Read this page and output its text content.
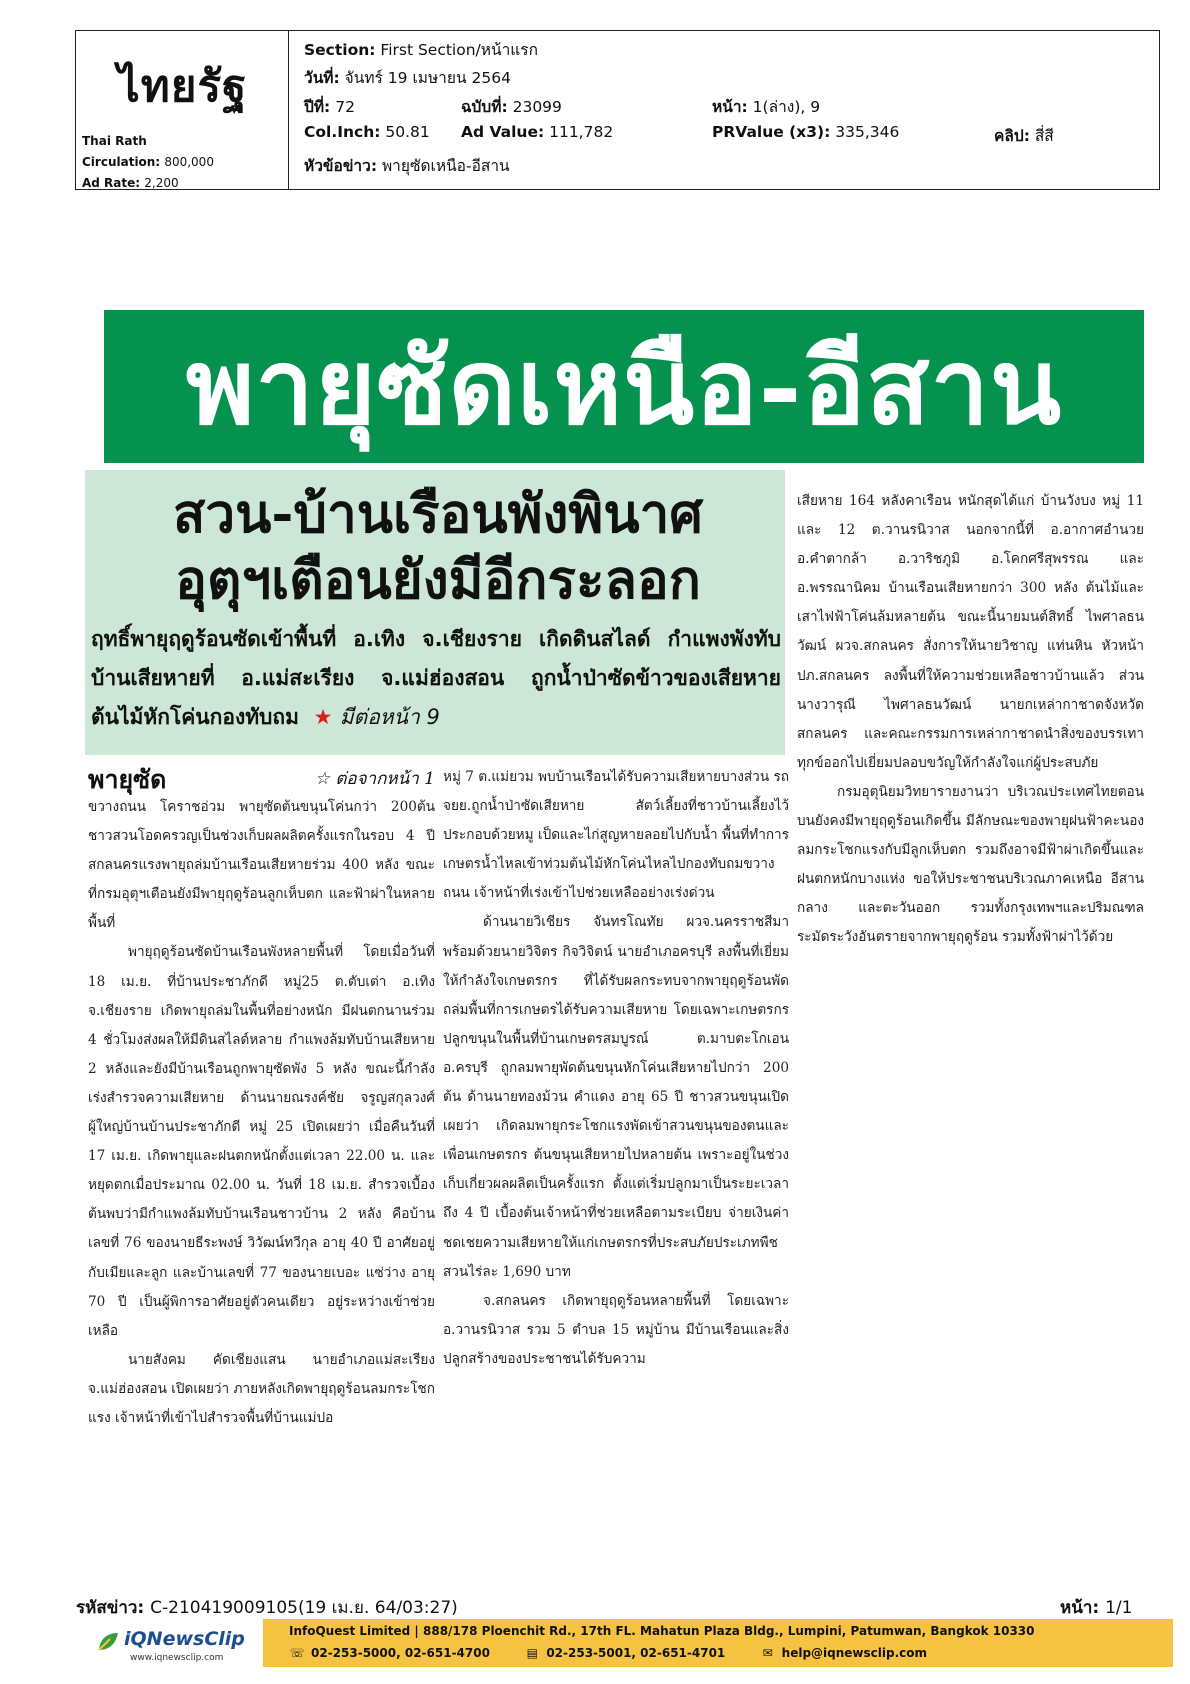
ไทยรัฐ
Thai Rath
Circulation: 800,000
Ad Rate: 2,200
Section: First Section/หน้าแรก
วันที่: จันทร์ 19 เมษายน 2564
ปีที่: 72	ฉบับที่: 23099	หน้า: 1(ล่าง), 9
Col.Inch: 50.81 Ad Value: 111,782	PRValue (x3): 335,346	คลิป: สี่สี
หัวข้อข่าว: พายุซัดเหนือ-อีสาน
พายุซัดเหนือ-อีสาน
สวน-บ้านเรือนพังพินาศ
อุตุฯเตือนยังมีอีกระลอก
ฤทธิ์พายุฤดูร้อนซัดเข้าพื้นที่ อ.เทิง จ.เชียงราย เกิดดินสไลด์ กำแพงพังทับบ้านเสียหายที่ อ.แม่สะเรียง จ.แม่ฮ่องสอน ถูกน้ำป่าซัดข้าวของเสียหาย ต้นไม้หักโค่นกองทับถม ★ มีต่อหน้า 9
พายุซัด	☆ ต่อจากหน้า 1

ขวางถนน โคราชอ่วม พายุซัดต้นขนุนโค่นกว่า 200ต้น ชาวสวนโอดครวญเป็นช่วงเก็บผลผลิตครั้งแรกในรอบ 4 ปี สกลนครแรงพายุถล่มบ้านเรือนเสียหายร่วม 400 หลัง ขณะที่กรมอุตุฯเตือนยังมีพายุฤดูร้อนลูกเห็บตก และฟ้าผ่าในหลายพื้นที่

พายุฤดูร้อนซัดบ้านเรือนพังหลายพื้นที่ โดยเมื่อวันที่ 18 เม.ย. ที่บ้านประชาภักดี หมู่25 ต.ตับเต่า อ.เทิง จ.เชียงราย เกิดพายุถล่มในพื้นที่อย่างหนัก มีฝนตกนานร่วม 4 ชั่วโมงส่งผลให้มีดินสไลด์หลาย กำแพงล้มทับบ้านเสียหาย 2 หลังและยังมีบ้านเรือนถูกพายุซัดพัง 5 หลัง ขณะนี้กำลังเร่งสำรวจความเสียหาย ด้านนายณรงค์ชัย จรูญสกุลวงศ์ผู้ใหญ่บ้านบ้านประชาภักดี หมู่ 25 เปิดเผยว่า เมื่อคืนวันที่ 17 เม.ย. เกิดพายุและฝนตกหนักตั้งแต่เวลา 22.00 น. และหยุดตกเมื่อประมาณ 02.00 น. วันที่ 18 เม.ย. สำรวจเบื้องต้นพบว่ามีกำแพงล้มทับบ้านเรือนชาวบ้าน 2 หลัง คือบ้านเลขที่ 76 ของนายธีระพงษ์ วิวัฒน์ทวีกุล อายุ 40 ปี อาศัยอยู่กับเมียและลูก และบ้านเลขที่ 77 ของนายเบอะ แซ่ว่าง อายุ 70 ปี เป็นผู้พิการอาศัยอยู่ตัวคนเดียว อยู่ระหว่างเข้าช่วยเหลือ

นายสังคม คัดเชียงแสน นายอำเภอแม่สะเรียง จ.แม่ฮ่องสอน เปิดเผยว่า ภายหลังเกิดพายุฤดูร้อนลมกระโชกแรง เจ้าหน้าที่เข้าไปสำรวจพื้นที่บ้านแม่ปอ

หมู่ 7 ต.แม่ยวม พบบ้านเรือนได้รับความเสียหายบางส่วน รถ จยย.ถูกน้ำป่าซัดเสียหาย สัตว์เลี้ยงที่ชาวบ้านเลี้ยงไว้ประกอบด้วยหมู เป็ดและไก่สูญหายลอยไปกับน้ำ พื้นที่ทำการเกษตรน้ำไหลเข้าท่วมต้นไม้หักโค่นไหลไปกองทับถมขวางถนน เจ้าหน้าที่เร่งเข้าไปช่วยเหลืออย่างเร่งด่วน

ด้านนายวิเชียร จันทรโณทัย ผวจ.นครราชสีมา พร้อมด้วยนายวิจิตร กิจวิจิตน์ นายอำเภอครบุรี ลงพื้นที่เยี่ยมให้กำลังใจเกษตรกร ที่ได้รับผลกระทบจากพายุฤดูร้อนพัดถล่มพื้นที่การเกษตรได้รับความเสียหาย โดยเฉพาะเกษตรกรปลูกขนุนในพื้นที่บ้านเกษตรสมบูรณ์ ต.มาบตะโกเอน อ.ครบุรี ถูกลมพายุพัดต้นขนุนหักโค่นเสียหายไปกว่า 200 ต้น ด้านนายทองม้วน คำแดง อายุ 65 ปี ชาวสวนขนุนเปิดเผยว่า เกิดลมพายุกระโชกแรงพัดเข้าสวนขนุนของตนและเพื่อนเกษตรกร ต้นขนุนเสียหายไปหลายต้น เพราะอยู่ในช่วงเก็บเกี่ยวผลผลิตเป็นครั้งแรก ตั้งแต่เริ่มปลูกมาเป็นระยะเวลาถึง 4 ปี เบื้องต้นเจ้าหน้าที่ช่วยเหลือตามระเบียบ จ่ายเงินค่าชดเชยความเสียหายให้แก่เกษตรกรที่ประสบภัยประเภทพืชสวนไร่ละ 1,690 บาท

จ.สกลนคร เกิดพายุฤดูร้อนหลายพื้นที่ โดยเฉพาะ อ.วานรนิวาส รวม 5 ตำบล 15 หมู่บ้าน มีบ้านเรือนและสิ่งปลูกสร้างของประชาชนได้รับความ

เสียหาย 164 หลังคาเรือน หนักสุดได้แก่ บ้านวังบง หมู่ 11 และ 12 ต.วานรนิวาส นอกจากนี้ที่ อ.อากาศอำนวย อ.คำตากล้า อ.วาริชภูมิ อ.โคกศรีสุพรรณ และ อ.พรรณานิคม บ้านเรือนเสียหายกว่า 300 หลัง ต้นไม้และเสาไฟฟ้าโค่นล้มหลายต้น ขณะนี้นายมนต์สิทธิ์ ไพศาลธนวัฒน์ ผวจ.สกลนคร สั่งการให้นายวิชาญ แท่นหิน หัวหน้า ปภ.สกลนคร ลงพื้นที่ให้ความช่วยเหลือชาวบ้านแล้ว ส่วนนางวารุณี ไพศาลธนวัฒน์ นายกเหล่ากาชาดจังหวัดสกลนคร และคณะกรรมการเหล่ากาชาดนำสิ่งของบรรเทาทุกข์ออกไปเยี่ยมปลอบขวัญให้กำลังใจแก่ผู้ประสบภัย

กรมอุตุนิยมวิทยารายงานว่า บริเวณประเทศไทยตอนบนยังคงมีพายุฤดูร้อนเกิดขึ้น มีลักษณะของพายุฝนฟ้าคะนอง ลมกระโชกแรงกับมีลูกเห็บตก รวมถึงอาจมีฟ้าผ่าเกิดขึ้นและฝนตกหนักบางแห่ง ขอให้ประชาชนบริเวณภาคเหนือ อีสาน กลาง และตะวันออก รวมทั้งกรุงเทพฯและปริมณฑล ระมัดระวังอันตรายจากพายุฤดูร้อน รวมทั้งฟ้าผ่าไว้ด้วย

รหัสข่าว: C-210419009105(19 เม.ย. 64/03:27)	หน้า: 1/1
iQNewsClip
www.iqnewsclip.com
InfoQuest Limited | 888/178 Ploenchit Rd., 17th FL. Mahatun Plaza Bldg., Lumpini, Patumwan, Bangkok 10330
☏ 02-253-5000, 02-651-4700	▤ 02-253-5001, 02-651-4701	✉ help@iqnewsclip.com
